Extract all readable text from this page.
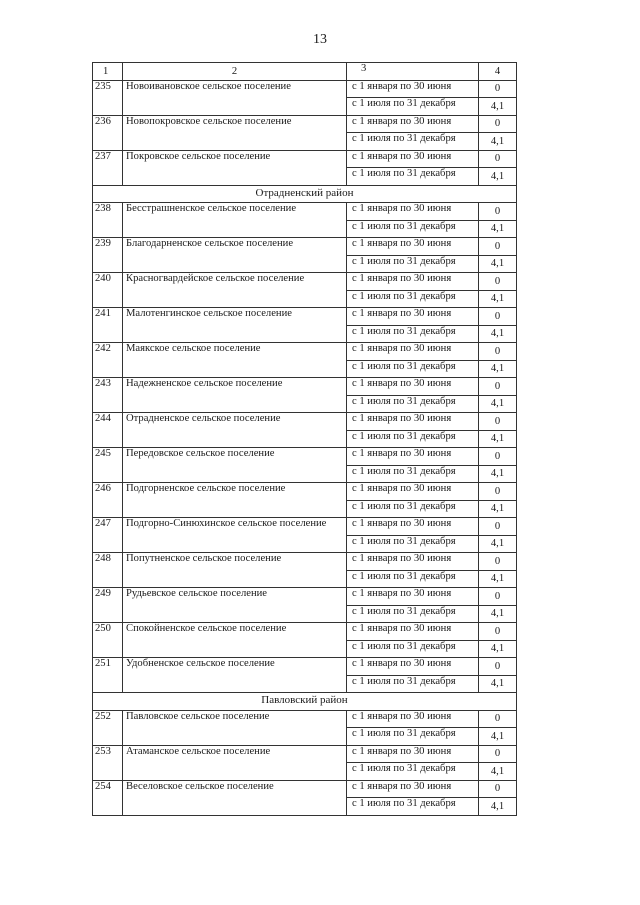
13
1	2	3	4
235	Новоивановское сельское поселение	с 1 января по 30 июня	0
		с 1 июля по 31 декабря	4,1
236	Новопокровское сельское поселение	с 1 января по 30 июня	0
		с 1 июля по 31 декабря	4,1
237	Покровское сельское поселение	с 1 января по 30 июня	0
		с 1 июля по 31 декабря	4,1
Отрадненский район			
238	Бесстрашненское сельское поселение	с 1 января по 30 июня	0
		с 1 июля по 31 декабря	4,1
239	Благодарненское сельское поселение	с 1 января по 30 июня	0
		с 1 июля по 31 декабря	4,1
240	Красногвардейское сельское поселение	с 1 января по 30 июня	0
		с 1 июля по 31 декабря	4,1
241	Малотенгинское сельское поселение	с 1 января по 30 июня	0
		с 1 июля по 31 декабря	4,1
242	Маякское сельское поселение	с 1 января по 30 июня	0
		с 1 июля по 31 декабря	4,1
243	Надежненское сельское поселение	с 1 января по 30 июня	0
		с 1 июля по 31 декабря	4,1
244	Отрадненское сельское поселение	с 1 января по 30 июня	0
		с 1 июля по 31 декабря	4,1
245	Передовское сельское поселение	с 1 января по 30 июня	0
		с 1 июля по 31 декабря	4,1
246	Подгорненское сельское поселение	с 1 января по 30 июня	0
		с 1 июля по 31 декабря	4,1
247	Подгорно-Синюхинское сельское поселение	с 1 января по 30 июня	0
		с 1 июля по 31 декабря	4,1
248	Попутненское сельское поселение	с 1 января по 30 июня	0
		с 1 июля по 31 декабря	4,1
249	Рудьевское сельское поселение	с 1 января по 30 июня	0
		с 1 июля по 31 декабря	4,1
250	Спокойненское сельское поселение	с 1 января по 30 июня	0
		с 1 июля по 31 декабря	4,1
251	Удобненское сельское поселение	с 1 января по 30 июня	0
		с 1 июля по 31 декабря	4,1
Павловский район			
252	Павловское сельское поселение	с 1 января по 30 июня	0
		с 1 июля по 31 декабря	4,1
253	Атаманское сельское поселение	с 1 января по 30 июня	0
		с 1 июля по 31 декабря	4,1
254	Веселовское сельское поселение	с 1 января по 30 июня	0
		с 1 июля по 31 декабря	4,1
